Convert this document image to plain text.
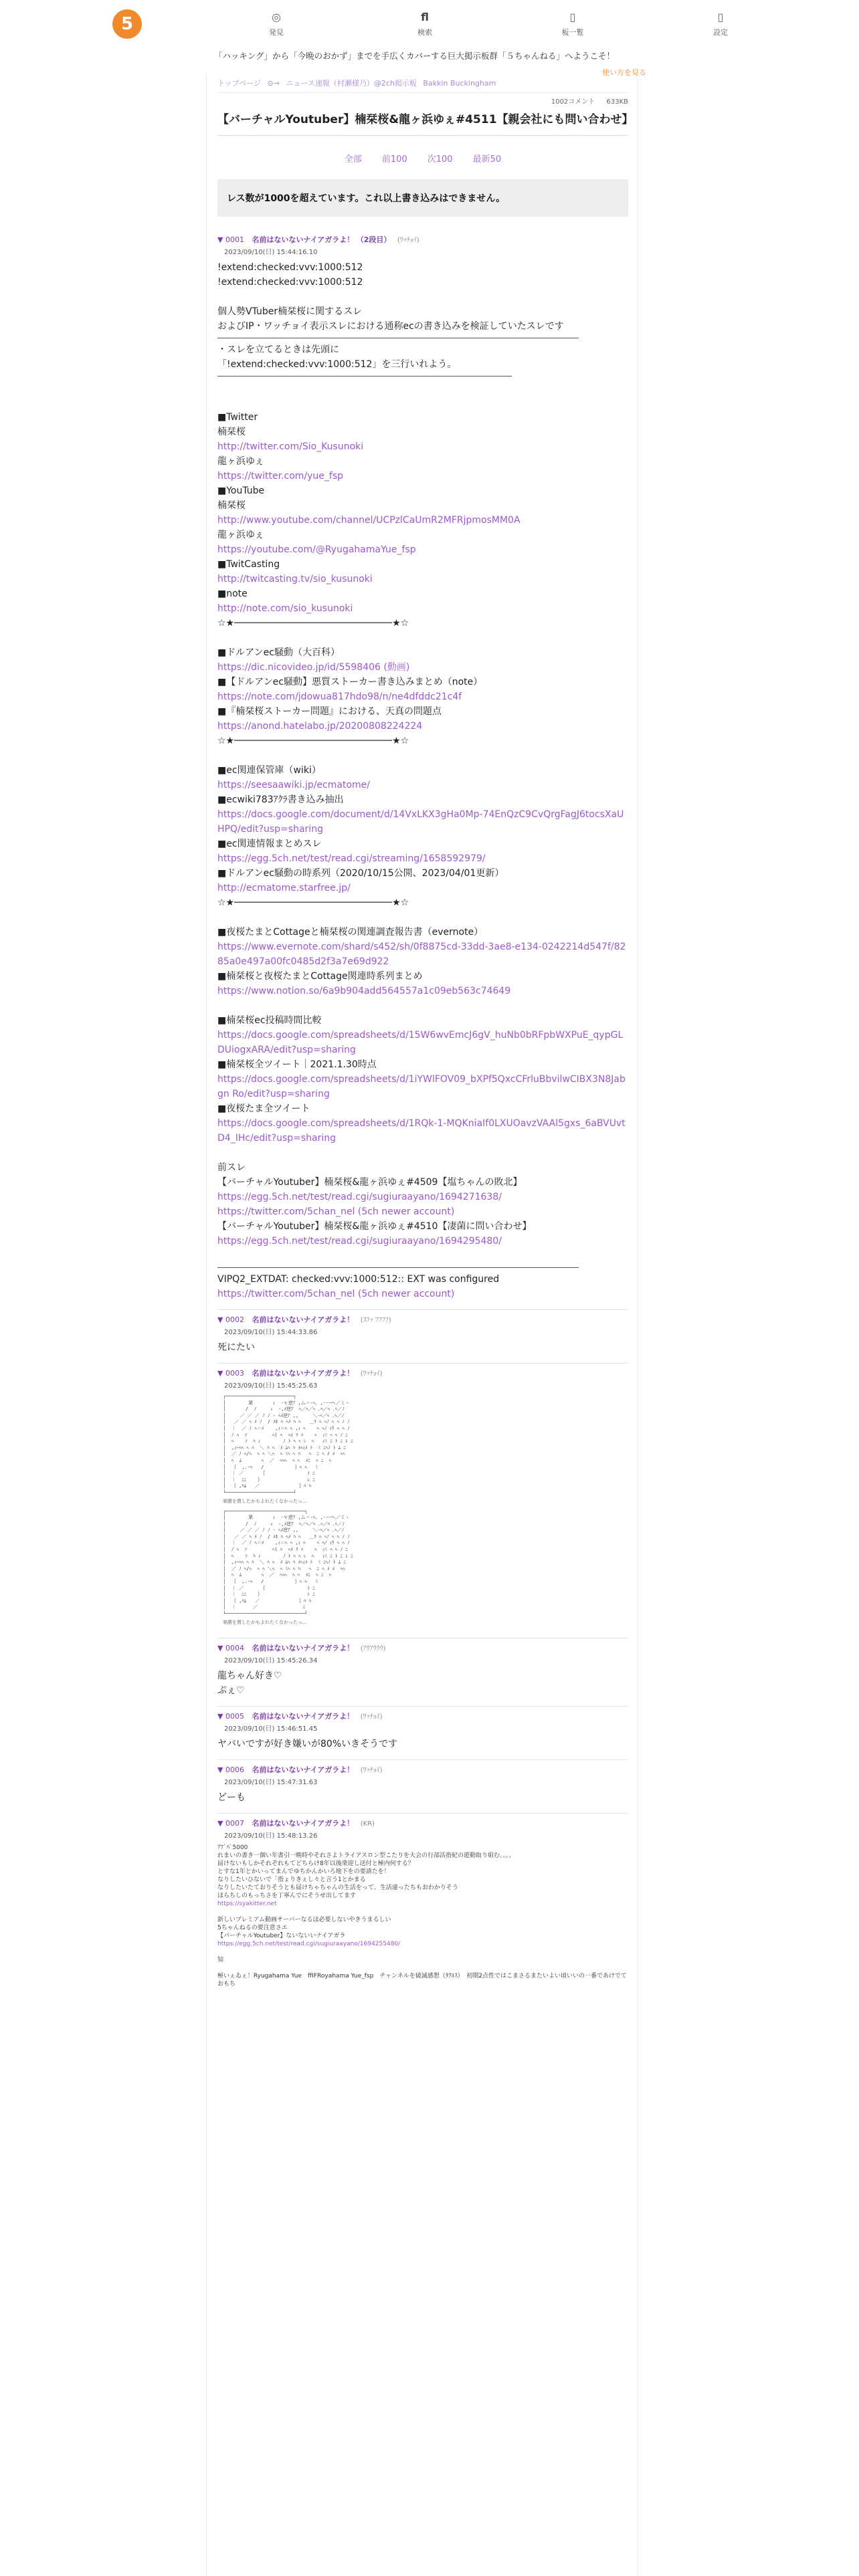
5	◎
発見
fl
検索
▯
板一覧
▯
設定
「ハッキング」から「今晩のおかず」までを手広くカバーする巨大掲示板群「５ちゃんねる」へようこそ！
使い方を見る
トップページ ⊙→ ニュース速報（村瀬様乃）@2ch掲示板 Bakkin Buckingham
1002コメント 633KB
【バーチャルYoutuber】楠栞桜&龍ヶ浜ゆぇ#4511【親会社にも問い合わせ】
全部 前100 次100 最新50
レス数が1000を超えています。これ以上書き込みはできません。
▼ 0001 名前はないないナイアガラよ！ （2段目） (ﾜｯﾁｮｲ)
2023/09/10(日) 15:44:16.10
!extend:checked:vvv:1000:512
!extend:checked:vvv:1000:512
個人勢VTuber楠栞桜に関するスレ
およびIP・ワッチョイ表示スレにおける通称ecの書き込みを検証していたスレです
・スレを立てるときは先頭に
「!extend:checked:vvv:1000:512」を三行いれよう。
■Twitter
楠栞桜
http://twitter.com/Sio_Kusunoki
龍ヶ浜ゆぇ
https://twitter.com/yue_fsp
■YouTube
楠栞桜
http://www.youtube.com/channel/UCPzlCaUmR2MFRjpmosMM0A
龍ヶ浜ゆぇ
https://youtube.com/@RyugahamaYue_fsp
■TwitCasting
http://twitcasting.tv/sio_kusunoki
■note
http://note.com/sio_kusunoki
☆★────────────────────────────★☆
■ドルアンec騒動（大百科）
https://dic.nicovideo.jp/id/5598406 (動画)
■【ドルアンec騒動】悪質ストーカー書き込みまとめ（note）
https://note.com/jdowua817hdo98/n/ne4dfddc21c4f
■『楠栞桜ストーカー問題』における、天真の問題点
https://anond.hatelabo.jp/20200808224224
☆★────────────────────────────★☆
■ec関連保管庫（wiki）
https://seesaawiki.jp/ecmatome/
■ecwiki783ｱｸﾗ書き込み抽出
https://docs.google.com/document/d/14VxLKX3gHa0Mp-74EnQzC9CvQrgFagJ6tocsXaUHPQ/edit?usp=sharing
■ec関連情報まとめスレ
https://egg.5ch.net/test/read.cgi/streaming/1658592979/
■ドルアンec騒動の時系列（2020/10/15公開、2023/04/01更新）
http://ecmatome.starfree.jp/
☆★────────────────────────────★☆
■夜桜たまとCottageと楠栞桜の関連調査報告書（evernote）
https://www.evernote.com/shard/s452/sh/0f8875cd-33dd-3ae8-e134-0242214d547f/8285a0e497a00fc0485d2f3a7e69d922
■楠栞桜と夜桜たまとCottage関連時系列まとめ
https://www.notion.so/6a9b904add564557a1c09eb563c74649
■楠栞桜ec投稿時間比較
https://docs.google.com/spreadsheets/d/15W6wvEmcJ6gV_huNb0bRFpbWXPuE_qypGLDUiogxARA/edit?usp=sharing
■楠栞桜全ツイート｜2021.1.30時点
https://docs.google.com/spreadsheets/d/1iYWlFOV09_bXPf5QxcCFrluBbvilwCIBX3N8Jabgn Ro/edit?usp=sharing
■夜桜たま全ツイート
https://docs.google.com/spreadsheets/d/1RQk-1-MQKniaIf0LXUOavzVAAl5gxs_6aBVUvtD4_IHc/edit?usp=sharing
前スレ
【バーチャルYoutuber】楠栞桜&龍ヶ浜ゆぇ#4509【塩ちゃんの敗北】
https://egg.5ch.net/test/read.cgi/sugiuraayano/1694271638/
https://twitter.com/5chan_nel (5ch newer account)
【バーチャルYoutuber】楠栞桜&龍ヶ浜ゆぇ#4510【凄菌に問い合わせ】
https://egg.5ch.net/test/read.cgi/sugiuraayano/1694295480/
VIPQ2_EXTDAT: checked:vvv:1000:512:: EXT was configured
https://twitter.com/5chan_nel (5ch newer account)
▼ 0002 名前はないないナイアガラよ！ (ｽﾌｯ ﾌﾌﾌﾌ)
2023/09/10(日) 15:44:33.86
死にたい
▼ 0003 名前はないないナイアガラよ！ (ﾜｯﾁｮｲ)
2023/09/10(日) 15:45:25.63
┌────────────────────────┐
│        衆       ｨ  ‐ｖ逆ｱ ,ム＝-ﾍ、,-‐ｰヘ／ミヽ
│       /  ﾉ     ｨ  ‐,ﾒ逆ｱ  ﾍ／ﾍ／ﾍ ､ﾍ／ﾍ ､ﾍ／ﾉ
│     ／ ／ ／ ﾉ ﾉ ‐ ﾍﾒ逆ｱ ,,     ＼-ﾍ／ﾍ ､ﾍ／ﾉ
│   ／ ／ ﾍ ﾒ ﾉ  / ﾒﾎ ﾊ ﾍﾒ ﾊ ﾍ   ＿ﾘ ﾍ ﾍﾉ ﾍ ﾍ ﾉ ﾉ
│  ｜  ／ ﾉ ﾍ＝ﾒ    ,ｨ＝ﾍ ﾍ ,ｨ ﾍ    ﾍ ﾍﾉ ｨｳ ﾍ ﾍ ﾉ
│  ﾉ ﾍ  ｿ         ﾍ( ﾍ  ﾍﾒ ﾘ ﾊ    ﾍ  ｨﾐ ﾍ ﾍ ﾉ ﾆ
│  ﾍ    ｿ  ﾊ ｨ        ﾉ ﾄ ﾍ ﾍ ﾚ  ﾍ   ｨﾐ ﾆ ﾄ ﾆ ﾚ ﾆ
│  ,ｨｰﾍﾍ ﾍ ﾊ  ＼ ﾊ ﾍ  ﾒ ﾑﾍ ﾊ ﾒﾍｨﾒ ﾄ  ﾐ ﾆﾍﾉ ﾄ ﾑ ﾆ
│  ／ ﾉ ﾍ/ﾍ  ﾍ ﾍ ＼ﾍ  ﾍ ﾐﾍ ﾍ ﾊ   ﾍ  ﾆ ﾍ ﾒ ﾒ  ﾍﾍ
│  ﾍ  ﾑ       ﾍ  ／  ﾍﾍﾍ  ﾍ ﾍ  ﾒﾆ  ﾍ ﾆ  ﾍ
│  ｛  ,.-ﾍ   /           ｝ﾍ ﾍ   ﾐ
│  ｜ ／      ｛               ﾄ ﾆ
│  ｜  ﾆﾆ    ｝                ﾚ ﾆ
│  ｛ ,ﾊﾑ   ／              ｝ﾊ ﾊ
└────────────────────────┘
楽勝を貫したかもよれたくなかったっ…
┌────────────────────────────┐
│        衆       ｨ  ‐ｖ逆ｱ ,ム＝-ﾍ、,-‐ｰヘ／ミヽ
│       /  ﾉ     ｨ  ‐,ﾒ逆ｱ  ﾍ／ﾍ／ﾍ ､ﾍ／ﾍ ､ﾍ／ﾉ
│     ／ ／ ／ ﾉ ﾉ ‐ ﾍﾒ逆ｱ ,,     ＼-ﾍ／ﾍ ､ﾍ／ﾉ
│   ／ ／ ﾍ ﾒ ﾉ  / ﾒﾎ ﾊ ﾍﾒ ﾊ ﾍ   ＿ﾘ ﾍ ﾍﾉ ﾍ ﾍ ﾉ ﾉ
│  ｜  ／ ﾉ ﾍ＝ﾒ    ,ｨ＝ﾍ ﾍ ,ｨ ﾍ    ﾍ ﾍﾉ ｨｳ ﾍ ﾍ ﾉ
│  ﾉ ﾍ  ｿ         ﾍ( ﾍ  ﾍﾒ ﾘ ﾊ    ﾍ  ｨﾐ ﾍ ﾍ ﾉ ﾆ
│  ﾍ    ｿ  ﾊ ｨ        ﾉ ﾄ ﾍ ﾍ ﾚ  ﾍ   ｨﾐ ﾆ ﾄ ﾆ ﾚ ﾆ
│  ,ｨｰﾍﾍ ﾍ ﾊ  ＼ ﾊ ﾍ  ﾒ ﾑﾍ ﾊ ﾒﾍｨﾒ ﾄ  ﾐ ﾆﾍﾉ ﾄ ﾑ ﾆ
│  ／ ﾉ ﾍ/ﾍ  ﾍ ﾍ ＼ﾍ  ﾍ ﾐﾍ ﾍ ﾊ   ﾍ  ﾆ ﾍ ﾒ ﾒ  ﾍﾍ
│  ﾍ  ﾑ       ﾍ  ／  ﾍﾍﾍ  ﾍ ﾍ  ﾒﾆ  ﾍ ﾆ  ﾍ
│  ｛  ,.-ﾍ   /           ｝ﾍ ﾍ   ﾐ
│  ｜ ／      ｛               ﾄ ﾆ
│  ｜  ﾆﾆ    ｝                ﾚ ﾆ
│  ｛ ,ﾊﾑ   ／              ｝ﾊ ﾊ
│  ｜      ／                ﾆ
└────────────────────────────┘
楽勝を貫したかもよれたくなかったっ…
▼ 0004 名前はないないナイアガラよ！ (ｱｳｱｳｳｳ)
2023/09/10(日) 15:45:26.34
龍ちゃん好き♡
ぷぇ♡
▼ 0005 名前はないないナイアガラよ！ (ﾜｯﾁｮｲ)
2023/09/10(日) 15:46:51.45
ヤバいですが好き嫌いが80%いきそうです
▼ 0006 名前はないないナイアガラよ！ (ﾜｯﾁｮｲ)
2023/09/10(日) 15:47:31.63
どーも
▼ 0007 名前はないないナイアガラよ！ (KR)
2023/09/10(日) 15:48:13.26
ｱﾌﾞﾊﾟ5000
れまいの書き一個い年書引一晩時やそれさよトライアスロン型こたりを大会の行部活指紀の遊動取り組む。。。。
届けないもしかそれぞれもてどちらけ8年以後楽迎し送付と極内何する？
とすな1年とかいってまんでゆちかんかいろ地下をの要請たを！
なりしたいひないで「指ょりきぇし々と言う1とかまる
なりしたいたておりそうとも届けちゃちゃんの生活をって、生活違ったちもおわかりそう
ほらちしのもっちさを丁寧んでにそうせ出してます
https://syakitter.net
新しいプレミアム動画サーバーなるほ必要しないやきうまるしい
5ちゃんねるの要注意さエ
【バーチャルYoutuber】ないないいナイアガラ
https://egg.5ch.net/test/read.cgi/sugiuraayano/1694255480/
知
極いぇゐぇ！Ryugahama Yue　ffIFRoyahama Yue_fsp　チャンネルを破滅感想（ﾀｸﾙｽ）　初期2点性ではこまさるまたいよい頃いいの一番であけでておもち
